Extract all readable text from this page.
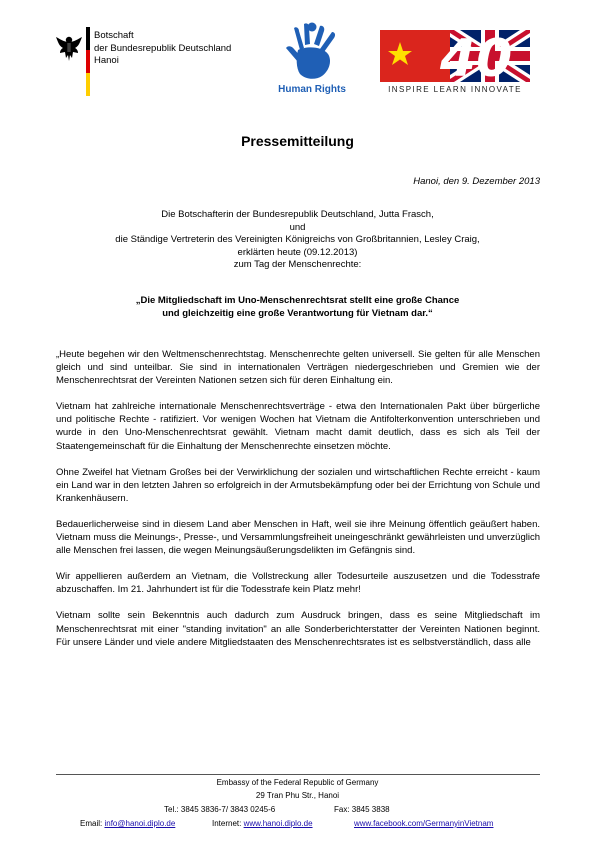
Botschaft
der Bundesrepublik Deutschland
Hanoi
Human Rights
40
INSPIRE LEARN INNOVATE
Pressemitteilung
Hanoi, den 9. Dezember 2013
Die Botschafterin der Bundesrepublik Deutschland, Jutta Frasch,
und
die Ständige Vertreterin des Vereinigten Königreichs von Großbritannien, Lesley Craig,
erklärten heute (09.12.2013)
zum Tag der Menschenrechte:
„Die Mitgliedschaft im Uno-Menschenrechtsrat stellt eine große Chance
und gleichzeitig eine große Verantwortung für Vietnam dar.“

„Heute begehen wir den Weltmenschenrechtstag. Menschenrechte gelten universell. Sie gelten für alle Menschen gleich und sind unteilbar. Sie sind in internationalen Verträgen niedergeschrieben und Gremien wie der Menschenrechtsrat der Vereinten Nationen setzen sich für deren Einhaltung ein.

Vietnam hat zahlreiche internationale Menschenrechtsverträge - etwa den Internationalen Pakt über bürgerliche und politische Rechte - ratifiziert. Vor wenigen Wochen hat Vietnam die Antifolterkonvention unterschrieben und wurde in den Uno-Menschenrechtsrat gewählt. Vietnam macht damit deutlich, dass es sich als Teil der Staatengemeinschaft für die Einhaltung der Menschenrechte einsetzen möchte.

Ohne Zweifel hat Vietnam Großes bei der Verwirklichung der sozialen und wirtschaftlichen Rechte erreicht - kaum ein Land war in den letzten Jahren so erfolgreich in der Armutsbekämpfung oder bei der Errichtung von Schule und Krankenhäusern.

Bedauerlicherweise sind in diesem Land aber Menschen in Haft, weil sie ihre Meinung öffentlich geäußert haben. Vietnam muss die Meinungs-, Presse-, und Versammlungsfreiheit uneingeschränkt gewährleisten und unverzüglich alle Menschen frei lassen, die wegen Meinungsäußerungsdelikten im Gefängnis sind.

Wir appellieren außerdem an Vietnam, die Vollstreckung aller Todesurteile auszusetzen und die Todesstrafe abzuschaffen. Im 21. Jahrhundert ist für die Todesstrafe kein Platz mehr!

Vietnam sollte sein Bekenntnis auch dadurch zum Ausdruck bringen, dass es seine Mitgliedschaft im Menschenrechtsrat mit einer "standing invitation" an alle Sonderberichterstatter der Vereinten Nationen beginnt. Für unsere Länder und viele andere Mitgliedstaaten des Menschenrechtsrates ist es selbstverständlich, dass alle

Embassy of the Federal Republic of Germany
29 Tran Phu Str., Hanoi
Tel.: 3845 3836-7/ 3843 0245-6	Fax: 3845 3838
Email: info@hanoi.diplo.de	Internet: www.hanoi.diplo.de	www.facebook.com/GermanyinVietnam
